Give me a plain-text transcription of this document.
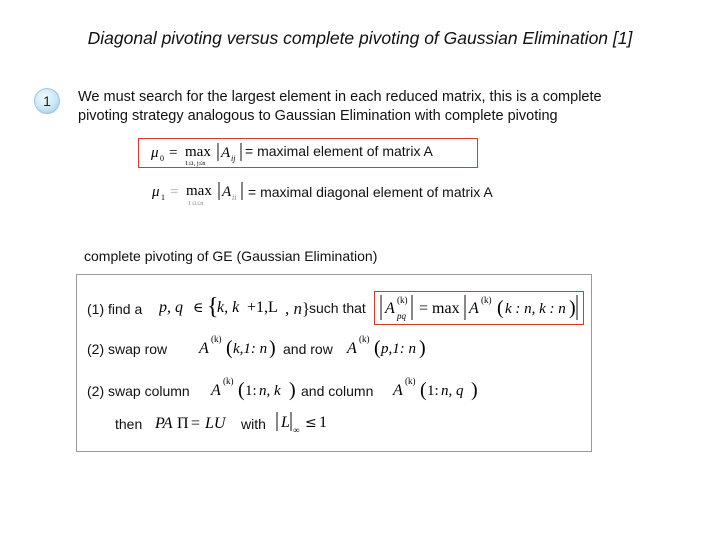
Diagonal pivoting versus complete pivoting of Gaussian Elimination [1]
1	We must search for the largest element in each reduced matrix, this is a complete
pivoting strategy analogous to Gaussian Elimination with complete pivoting
μ 0 = max
1≤i, j≤n
A ij = maximal element of matrix A
μ 1 = max
1≤i≤n
A ii = maximal diagonal element of matrix A
complete pivoting of GE (Gaussian Elimination)
(1) find a p, q ∈ {
k, k +1,L , n}
such that A (k)
pq = max A (k) ( k : n, k : n )
(2) swap row A
(k) ( k,1: n ) and row A
(k) ( p,1: n )
(2) swap column A
(k) ( 1: n, k ) and column A
(k) ( 1: n, q )
then PA Π = LU with L ∞ ≤ 1
